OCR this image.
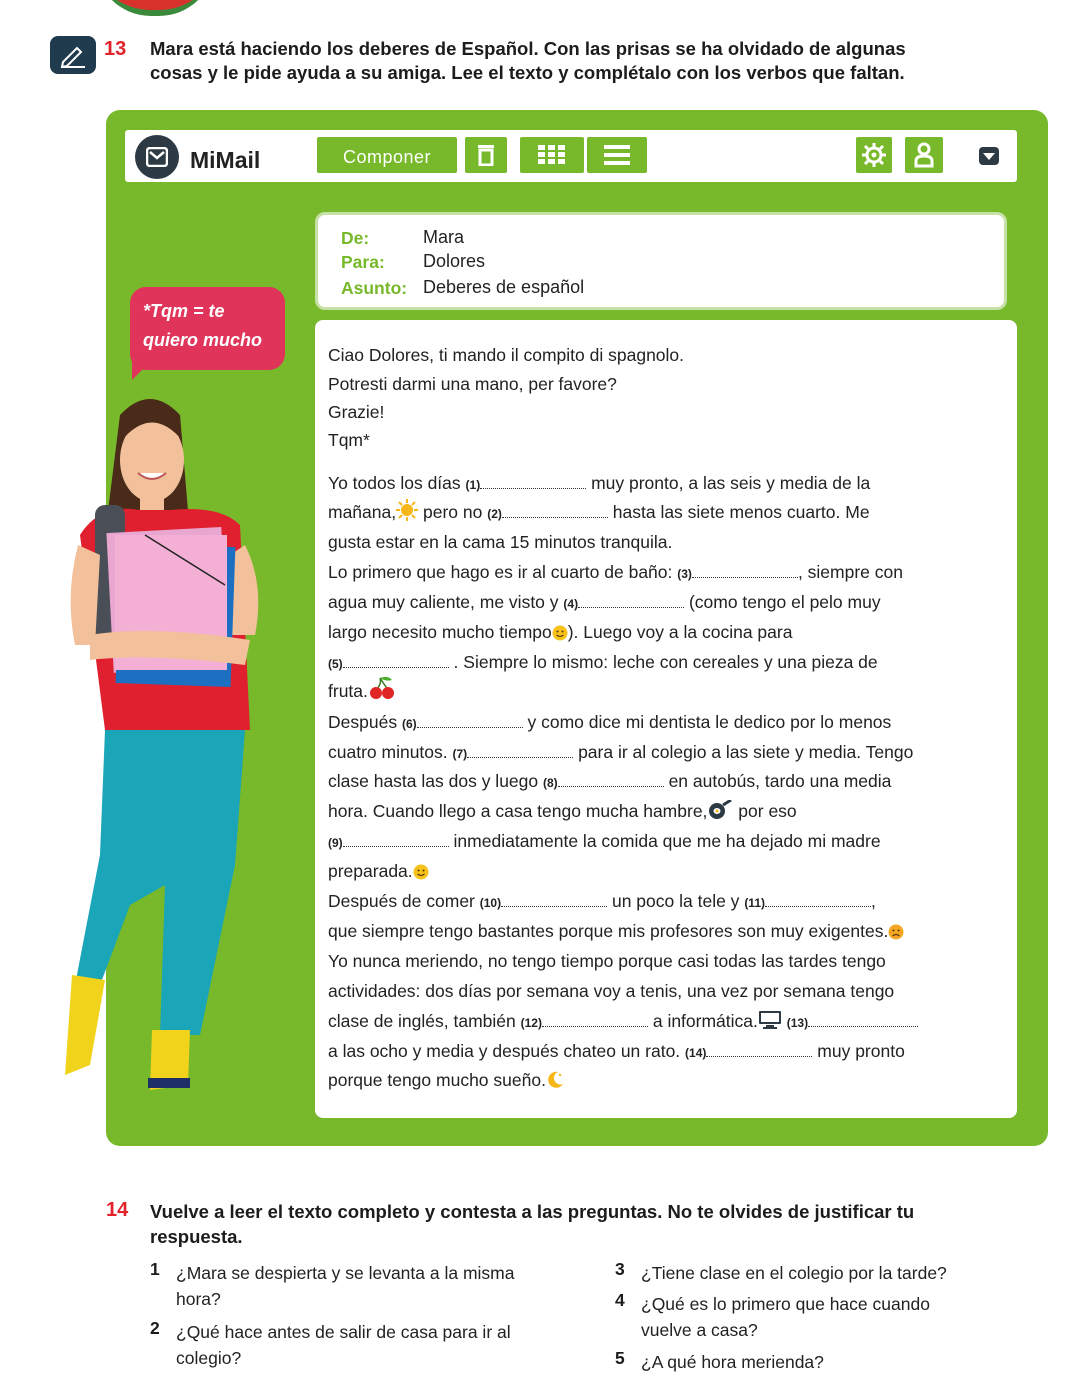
13 Mara está haciendo los deberes de Español. Con las prisas se ha olvidado de algunas
cosas y le pide ayuda a su amiga. Lee el texto y complétalo con los verbos que faltan.
MiMail	Componer
De:	Mara
Para: Dolores
Asunto: Deberes de español
*Tqm = te
quiero mucho

Ciao Dolores, ti mando il compito di spagnolo.

Potresti darmi una mano, per favore?

Grazie!

Tqm*

Yo todos los días (1)	muy pronto, a las seis y media de la

mañana, pero no (2)	hasta las siete menos cuarto. Me

gusta estar en la cama 15 minutos tranquila.

Lo primero que hago es ir al cuarto de baño: (3)	, siempre con

agua muy caliente, me visto y (4)	(como tengo el pelo muy

largo necesito mucho tiempo ). Luego voy a la cocina para

(5)	. Siempre lo mismo: leche con cereales y una pieza de

fruta.

Después (6)	y como dice mi dentista le dedico por lo menos

cuatro minutos. (7)	para ir al colegio a las siete y media. Tengo

clase hasta las dos y luego (8)	en autobús, tardo una media

hora. Cuando llego a casa tengo mucha hambre, por eso

(9)	inmediatamente la comida que me ha dejado mi madre

preparada.

Después de comer (10)	un poco la tele y (11)	,

que siempre tengo bastantes porque mis profesores son muy exigentes.

Yo nunca meriendo, no tengo tiempo porque casi todas las tardes tengo

actividades: dos días por semana voy a tenis, una vez por semana tengo

clase de inglés, también (12)	a informática. (13)

a las ocho y media y después chateo un rato. (14)	muy pronto

porque tengo mucho sueño.

14 Vuelve a leer el texto completo y contesta a las preguntas. No te olvides de justificar tu
respuesta.
1 ¿Mara se despierta y se levanta a la misma
hora?
2 ¿Qué hace antes de salir de casa para ir al
colegio?
3 ¿Tiene clase en el colegio por la tarde?
4 ¿Qué es lo primero que hace cuando
vuelve a casa?
5 ¿A qué hora merienda?
